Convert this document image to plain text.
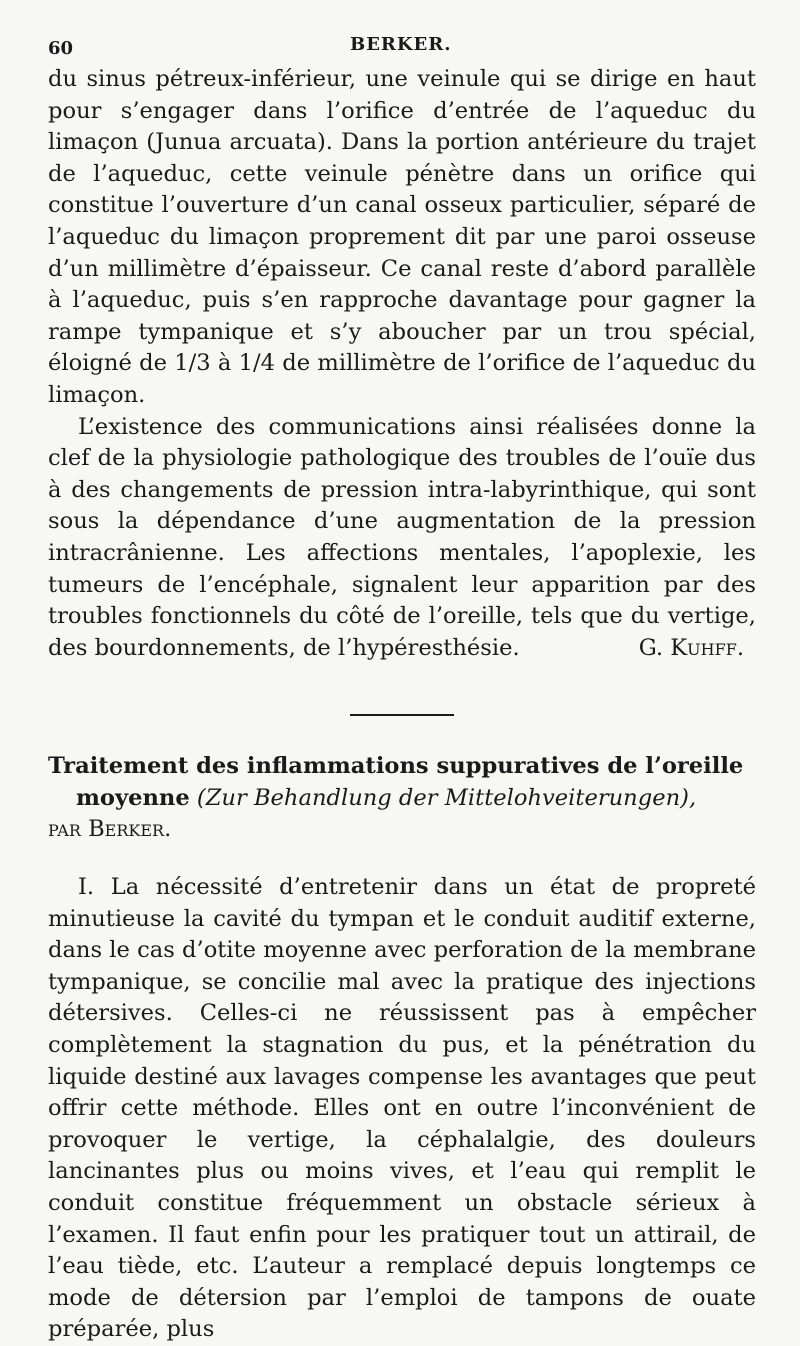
60	BERKER.

du sinus pétreux-inférieur, une veinule qui se dirige en haut pour s’engager dans l’orifice d’entrée de l’aqueduc du limaçon (Junua arcuata). Dans la portion antérieure du trajet de l’aqueduc, cette veinule pénètre dans un orifice qui constitue l’ouverture d’un canal osseux particulier, séparé de l’aqueduc du limaçon proprement dit par une paroi osseuse d’un millimètre d’épaisseur. Ce canal reste d’abord parallèle à l’aqueduc, puis s’en rapproche davantage pour gagner la rampe tympanique et s’y aboucher par un trou spécial, éloigné de 1/3 à 1/4 de millimètre de l’orifice de l’aqueduc du limaçon.

L’existence des communications ainsi réalisées donne la clef de la physiologie pathologique des troubles de l’ouïe dus à des changements de pression intra-labyrinthique, qui sont sous la dépendance d’une augmentation de la pression intracrânienne. Les affections mentales, l’apoplexie, les tumeurs de l’encéphale, signalent leur apparition par des troubles fonctionnels du côté de l’oreille, tels que du vertige, des bourdonnements, de l’hypéresthésie.	G. Kuhff.
Traitement des inflammations suppuratives de l’oreille moyenne (Zur Behandlung der Mittelohveiterungen),
par Berker.

I. La nécessité d’entretenir dans un état de propreté minutieuse la cavité du tympan et le conduit auditif externe, dans le cas d’otite moyenne avec perforation de la membrane tympanique, se concilie mal avec la pratique des injections détersives. Celles-ci ne réussissent pas à empêcher complètement la stagnation du pus, et la pénétration du liquide destiné aux lavages compense les avantages que peut offrir cette méthode. Elles ont en outre l’inconvénient de provoquer le vertige, la céphalalgie, des douleurs lancinantes plus ou moins vives, et l’eau qui remplit le conduit constitue fréquemment un obstacle sérieux à l’examen. Il faut enfin pour les pratiquer tout un attirail, de l’eau tiède, etc. L’auteur a remplacé depuis longtemps ce mode de détersion par l’emploi de tampons de ouate préparée, plus
